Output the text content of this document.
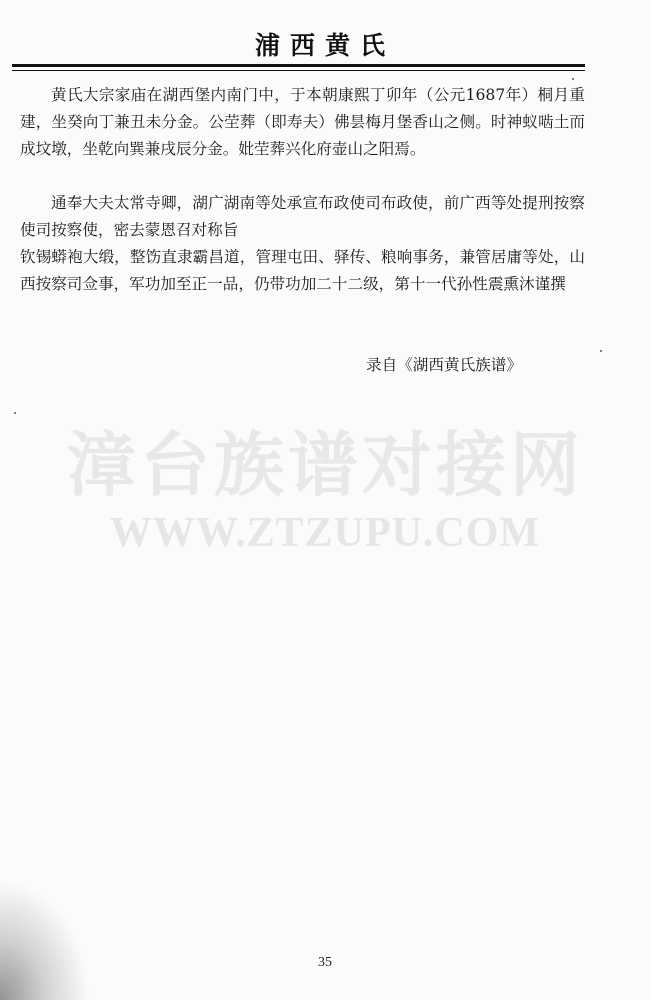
浦西黄氏

黄氏大宗家庙在湖西堡内南门中，于本朝康熙丁卯年（公元1687年）桐月重建，坐癸向丁兼丑未分金。公茔葬（即寿夫）佛昙梅月堡香山之侧。时神蚁啮土而成坟墩，坐乾向巽兼戌辰分金。妣茔葬兴化府壶山之阳焉。

通奉大夫太常寺卿，湖广湖南等处承宣布政使司布政使，前广西等处提刑按察使司按察使，密去蒙恩召对称旨

钦锡蟒袍大缎，整饬直隶霸昌道，管理屯田、驿传、粮响事务，兼管居庸等处，山西按察司佥事，军功加至正一品，仍带功加二十二级，第十一代孙性震熏沐谨撰

录自《湖西黄氏族谱》
漳台族谱对接网
WWW.ZTZUPU.COM
35
